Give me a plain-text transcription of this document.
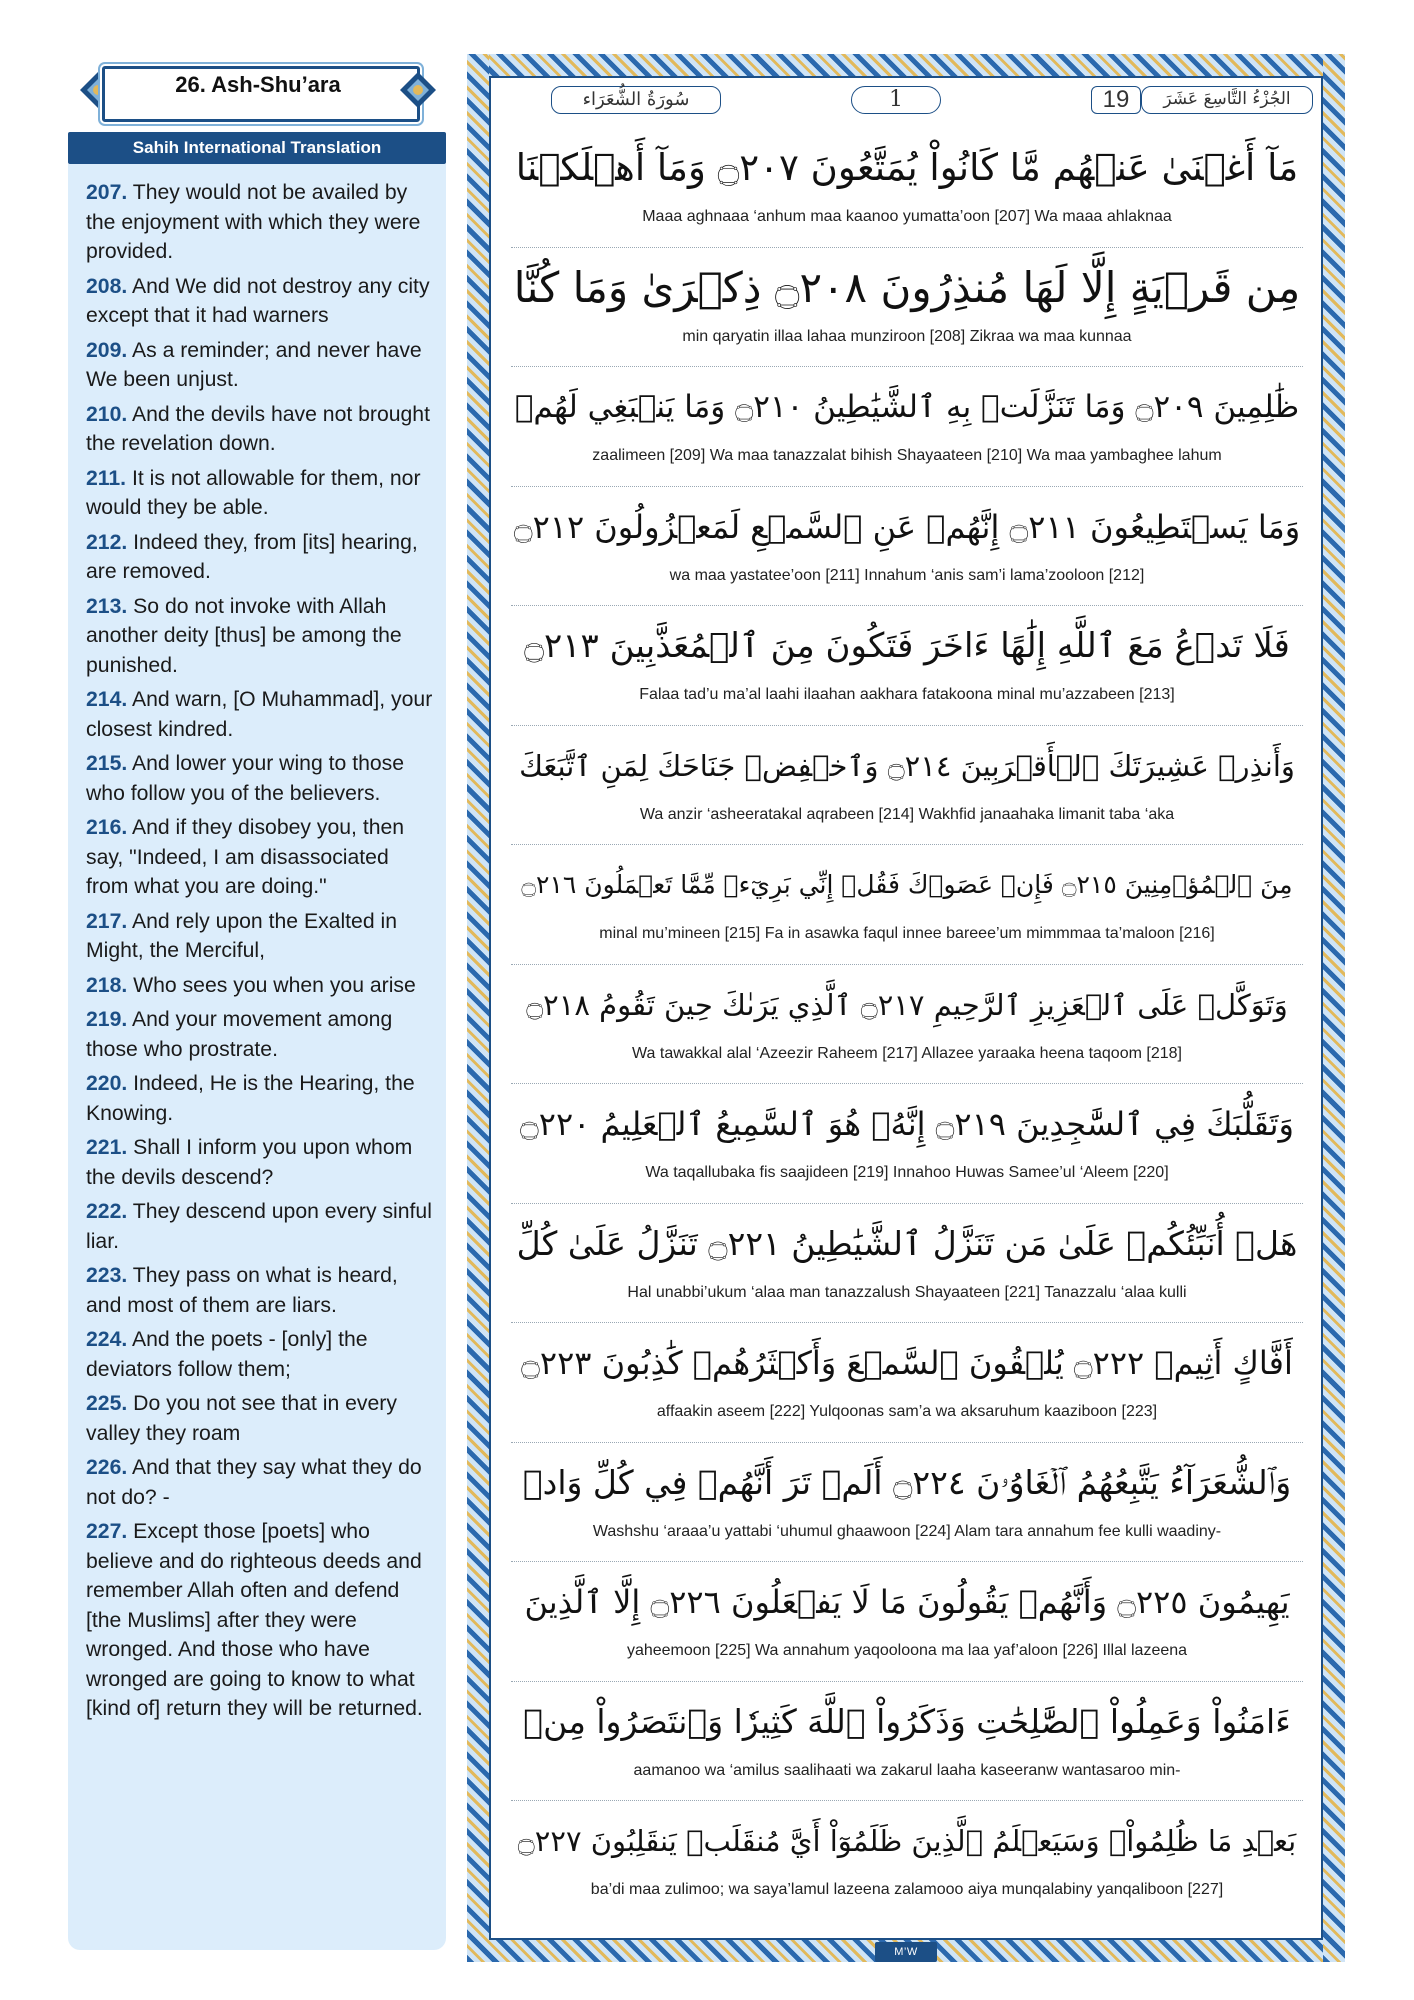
26. Ash-Shu’ara
Sahih International Translation
207. They would not be availed by the enjoyment with which they were provided.
208. And We did not destroy any city except that it had warners
209. As a reminder; and never have We been unjust.
210. And the devils have not brought the revelation down.
211. It is not allowable for them, nor would they be able.
212. Indeed they, from [its] hearing, are removed.
213. So do not invoke with Allah another deity [thus] be among the punished.
214. And warn, [O Muhammad], your closest kindred.
215. And lower your wing to those who follow you of the believers.
216. And if they disobey you, then say, "Indeed, I am disassociated from what you are doing."
217. And rely upon the Exalted in Might, the Merciful,
218. Who sees you when you arise
219. And your movement among those who prostrate.
220. Indeed, He is the Hearing, the Knowing.
221. Shall I inform you upon whom the devils descend?
222. They descend upon every sinful liar.
223. They pass on what is heard, and most of them are liars.
224. And the poets - [only] the deviators follow them;
225. Do you not see that in every valley they roam
226. And that they say what they do not do? -
227. Except those [poets] who believe and do righteous deeds and remember Allah often and defend [the Muslims] after they were wronged. And those who have wronged are going to know to what [kind of] return they will be returned.
سُورَةُ الشُّعَرَاء	1	19	الجُزْءُ التَّاسِعَ عَشَرَ
مَآ أَغۡنَىٰ عَنۡهُم مَّا كَانُواْ يُمَتَّعُونَ ۝٢٠٧ وَمَآ أَهۡلَكۡنَا
Maaa aghnaaa ‘anhum maa kaanoo yumatta’oon [207] Wa maaa ahlaknaa
مِن قَرۡيَةٍ إِلَّا لَهَا مُنذِرُونَ ۝٢٠٨ ذِكۡرَىٰ وَمَا كُنَّا
min qaryatin illaa lahaa munziroon [208] Zikraa wa maa kunnaa
ظَٰلِمِينَ ۝٢٠٩ وَمَا تَنَزَّلَتۡ بِهِ ٱلشَّيَٰطِينُ ۝٢١٠ وَمَا يَنۢبَغِي لَهُمۡ
zaalimeen [209] Wa maa tanazzalat bihish Shayaateen [210] Wa maa yambaghee lahum
وَمَا يَسۡتَطِيعُونَ ۝٢١١ إِنَّهُمۡ عَنِ ٱلسَّمۡعِ لَمَعۡزُولُونَ ۝٢١٢
wa maa yastatee’oon [211] Innahum ‘anis sam’i lama’zooloon [212]
فَلَا تَدۡعُ مَعَ ٱللَّهِ إِلَٰهًا ءَاخَرَ فَتَكُونَ مِنَ ٱلۡمُعَذَّبِينَ ۝٢١٣
Falaa tad’u ma’al laahi ilaahan aakhara fatakoona minal mu’azzabeen [213]
وَأَنذِرۡ عَشِيرَتَكَ ٱلۡأَقۡرَبِينَ ۝٢١٤ وَٱخۡفِضۡ جَنَاحَكَ لِمَنِ ٱتَّبَعَكَ
Wa anzir ‘asheeratakal aqrabeen [214] Wakhfid janaahaka limanit taba ‘aka
مِنَ ٱلۡمُؤۡمِنِينَ ۝٢١٥ فَإِنۡ عَصَوۡكَ فَقُلۡ إِنِّي بَرِيٓءٞ مِّمَّا تَعۡمَلُونَ ۝٢١٦
minal mu’mineen [215] Fa in asawka faqul innee bareee’um mimmmaa ta’maloon [216]
وَتَوَكَّلۡ عَلَى ٱلۡعَزِيزِ ٱلرَّحِيمِ ۝٢١٧ ٱلَّذِي يَرَىٰكَ حِينَ تَقُومُ ۝٢١٨
Wa tawakkal alal ‘Azeezir Raheem [217] Allazee yaraaka heena taqoom [218]
وَتَقَلُّبَكَ فِي ٱلسَّٰجِدِينَ ۝٢١٩ إِنَّهُۥ هُوَ ٱلسَّمِيعُ ٱلۡعَلِيمُ ۝٢٢٠
Wa taqallubaka fis saajideen [219] Innahoo Huwas Samee’ul ‘Aleem [220]
هَلۡ أُنَبِّئُكُمۡ عَلَىٰ مَن تَنَزَّلُ ٱلشَّيَٰطِينُ ۝٢٢١ تَنَزَّلُ عَلَىٰ كُلِّ
Hal unabbi’ukum ‘alaa man tanazzalush Shayaateen [221] Tanazzalu ‘alaa kulli
أَفَّاكٍ أَثِيمٖ ۝٢٢٢ يُلۡقُونَ ٱلسَّمۡعَ وَأَكۡثَرُهُمۡ كَٰذِبُونَ ۝٢٢٣
affaakin aseem [222] Yulqoonas sam’a wa aksaruhum kaaziboon [223]
وَٱلشُّعَرَآءُ يَتَّبِعُهُمُ ٱلۡغَاوُۥنَ ۝٢٢٤ أَلَمۡ تَرَ أَنَّهُمۡ فِي كُلِّ وَادٖ
Washshu ‘araaa’u yattabi ‘uhumul ghaawoon [224] Alam tara annahum fee kulli waadiny-
يَهِيمُونَ ۝٢٢٥ وَأَنَّهُمۡ يَقُولُونَ مَا لَا يَفۡعَلُونَ ۝٢٢٦ إِلَّا ٱلَّذِينَ
yaheemoon [225] Wa annahum yaqooloona ma laa yaf’aloon [226] Illal lazeena
ءَامَنُواْ وَعَمِلُواْ ٱلصَّٰلِحَٰتِ وَذَكَرُواْ ٱللَّهَ كَثِيرٗا وَٱنتَصَرُواْ مِنۢ
aamanoo wa ‘amilus saalihaati wa zakarul laaha kaseeranw wantasaroo min-
بَعۡدِ مَا ظُلِمُواْۗ وَسَيَعۡلَمُ ٱلَّذِينَ ظَلَمُوٓاْ أَيَّ مُنقَلَبٖ يَنقَلِبُونَ ۝٢٢٧
ba’di maa zulimoo; wa saya’lamul lazeena zalamooo aiya munqalabiny yanqaliboon [227]
M’W ISLAM
